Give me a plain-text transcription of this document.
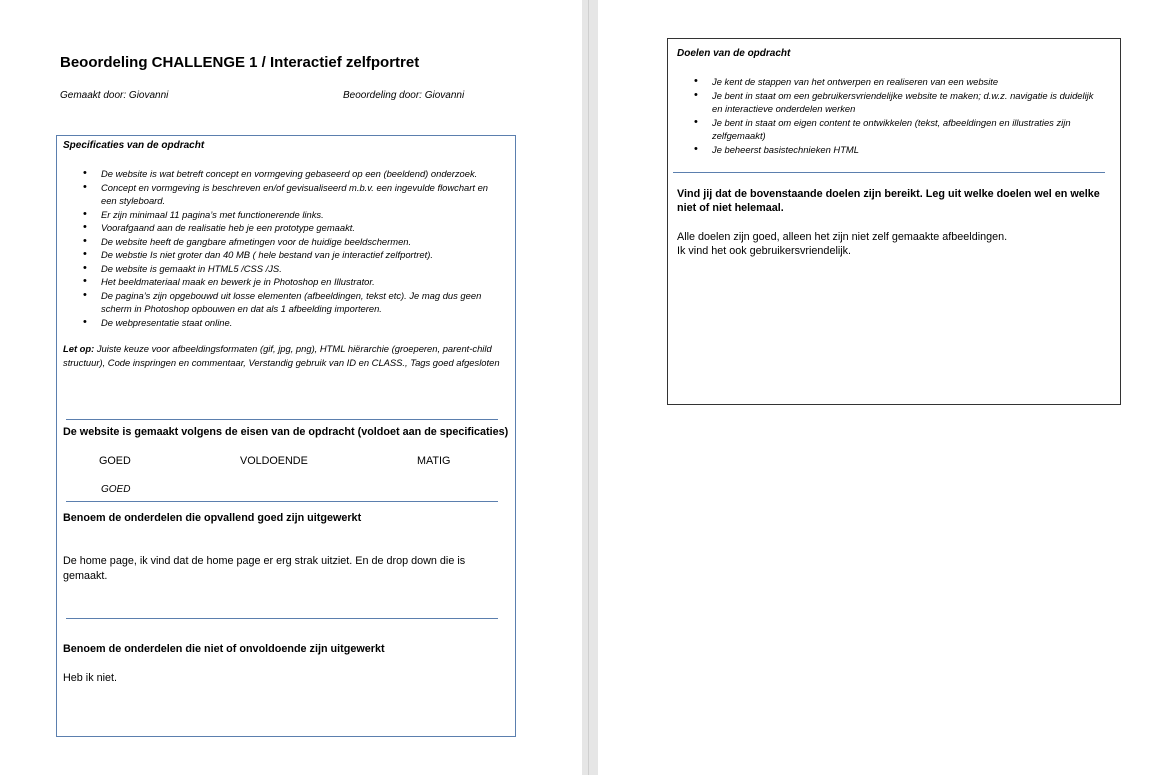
Beoordeling CHALLENGE 1 / Interactief zelfportret
Gemaakt door: Giovanni	Beoordeling door: Giovanni
Specificaties van de opdracht
• De website is wat betreft concept en vormgeving gebaseerd op een (beeldend) onderzoek.
• Concept en vormgeving is beschreven en/of gevisualiseerd m.b.v. een ingevulde flowchart en een styleboard.
• Er zijn minimaal 11 pagina’s met functionerende links.
• Voorafgaand aan de realisatie heb je een prototype gemaakt.
• De website heeft de gangbare afmetingen voor de huidige beeldschermen.
• De webstie Is niet groter dan 40 MB ( hele bestand van je interactief zelfportret).
• De website is gemaakt in HTML5 /CSS /JS.
• Het beeldmateriaal maak en bewerk je in Photoshop en Illustrator.
• De pagina’s zijn opgebouwd uit losse elementen (afbeeldingen, tekst etc). Je mag dus geen scherm in Photoshop opbouwen en dat als 1 afbeelding importeren.
• De webpresentatie staat online.
Let op: Juiste keuze voor afbeeldingsformaten (gif, jpg, png), HTML hiërarchie (groeperen, parent-child structuur), Code inspringen en commentaar, Verstandig gebruik van ID en CLASS., Tags goed afgesloten
De website is gemaakt volgens de eisen van de opdracht (voldoet aan de specificaties)
GOED	VOLDOENDE	MATIG
GOED
Benoem de onderdelen die opvallend goed zijn uitgewerkt
De home page, ik vind dat de home page er erg strak uitziet. En de drop down die is gemaakt.
Benoem de onderdelen die niet of onvoldoende zijn uitgewerkt
Heb ik niet.
Doelen van de opdracht
• Je kent de stappen van het ontwerpen en realiseren van een website
• Je bent in staat om een gebruikersvriendelijke website te maken; d.w.z. navigatie is duidelijk en interactieve onderdelen werken
• Je bent in staat om eigen content te ontwikkelen (tekst, afbeeldingen en illustraties zijn zelfgemaakt)
• Je beheerst basistechnieken HTML
Vind jij dat de bovenstaande doelen zijn bereikt. Leg uit welke doelen wel en welke niet of niet helemaal.
Alle doelen zijn goed, alleen het zijn niet zelf gemaakte afbeeldingen.
Ik vind het ook gebruikersvriendelijk.
